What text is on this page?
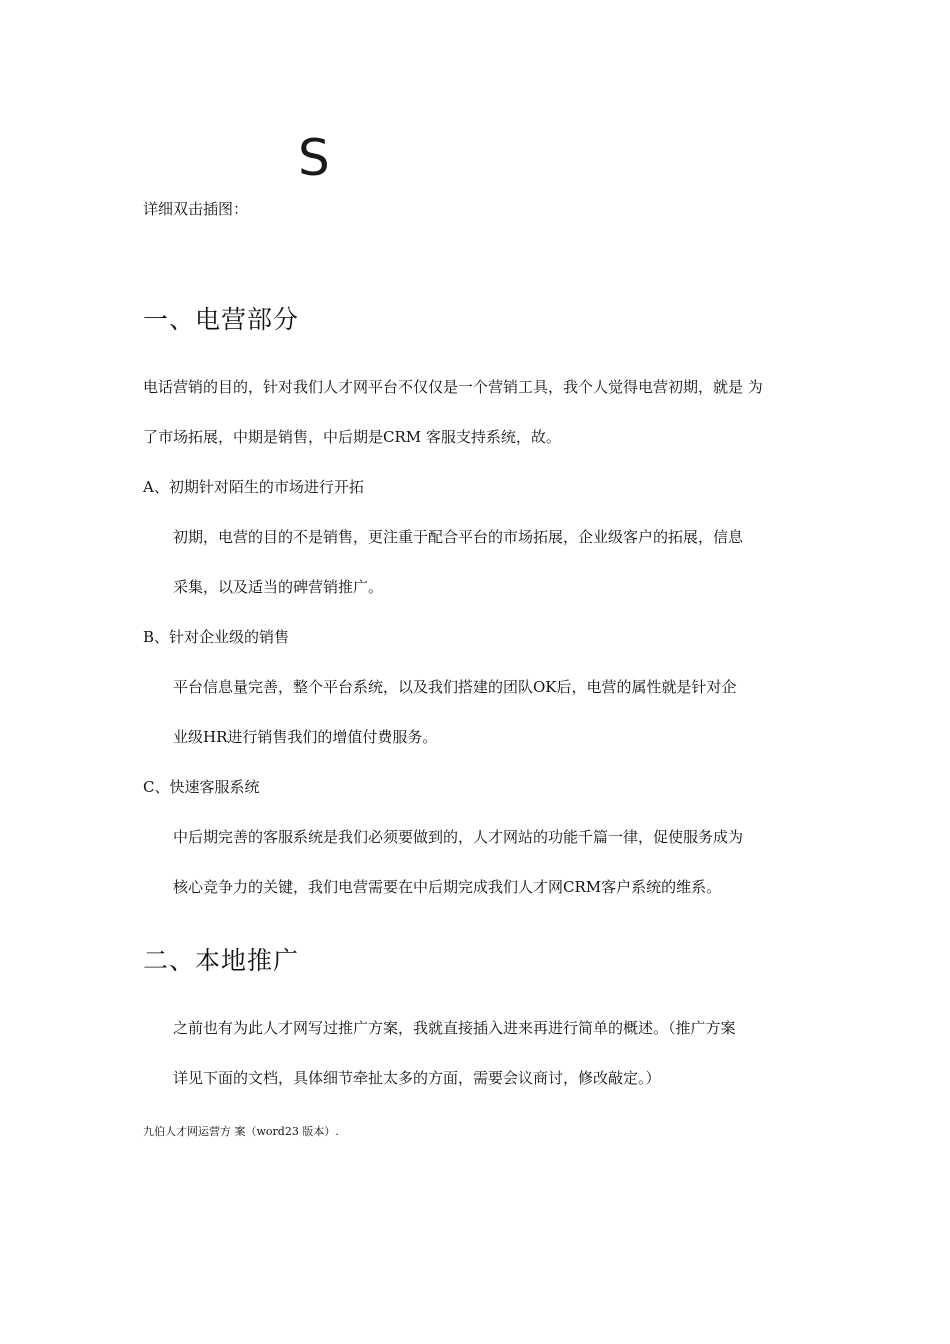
S
详细双击插图：
一、电营部分
电话营销的目的，针对我们人才网平台不仅仅是一个营销工具，我个人觉得电营初期，就是 为
了市场拓展，中期是销售，中后期是CRM 客服支持系统，故。
A、初期针对陌生的市场进行开拓
初期，电营的目的不是销售，更注重于配合平台的市场拓展，企业级客户的拓展，信息
采集，以及适当的碑营销推广。
B、针对企业级的销售
平台信息量完善，整个平台系统，以及我们搭建的团队OK后，电营的属性就是针对企
业级HR进行销售我们的增值付费服务。
C、快速客服系统
中后期完善的客服系统是我们必须要做到的，人才网站的功能千篇一律，促使服务成为
核心竞争力的关键，我们电营需要在中后期完成我们人才网CRM客户系统的维系。
二、本地推广
之前也有为此人才网写过推广方案，我就直接插入进来再进行简单的概述。（推广方案
详见下面的文档，具体细节牵扯太多的方面，需要会议商讨，修改敲定。）
九伯人才网运营方 案（word23 版本）.
